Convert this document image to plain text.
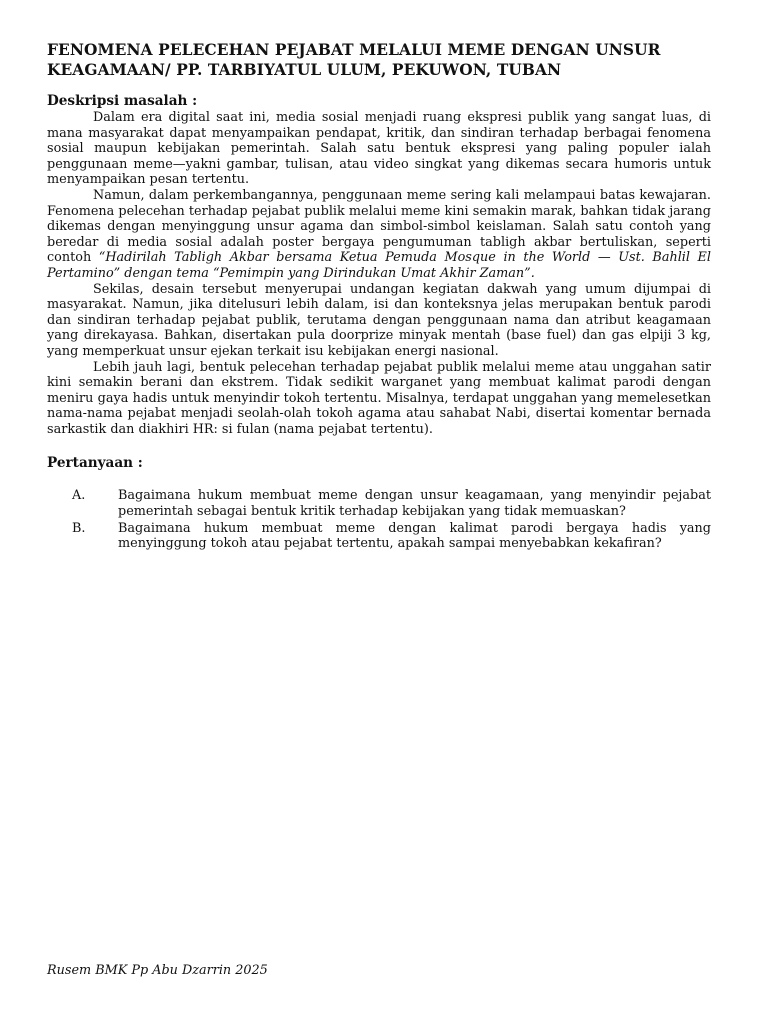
FENOMENA PELECEHAN PEJABAT MELALUI MEME DENGAN UNSUR KEAGAMAAN/ PP. TARBIYATUL ULUM, PEKUWON, TUBAN
Deskripsi masalah :

Dalam era digital saat ini, media sosial menjadi ruang ekspresi publik yang sangat luas, di mana masyarakat dapat menyampaikan pendapat, kritik, dan sindiran terhadap berbagai fenomena sosial maupun kebijakan pemerintah. Salah satu bentuk ekspresi yang paling populer ialah penggunaan meme—yakni gambar, tulisan, atau video singkat yang dikemas secara humoris untuk menyampaikan pesan tertentu.

Namun, dalam perkembangannya, penggunaan meme sering kali melampaui batas kewajaran. Fenomena pelecehan terhadap pejabat publik melalui meme kini semakin marak, bahkan tidak jarang dikemas dengan menyinggung unsur agama dan simbol-simbol keislaman. Salah satu contoh yang beredar di media sosial adalah poster bergaya pengumuman tabligh akbar bertuliskan, seperti contoh “Hadirilah Tabligh Akbar bersama Ketua Pemuda Mosque in the World — Ust. Bahlil El Pertamino” dengan tema “Pemimpin yang Dirindukan Umat Akhir Zaman”.

Sekilas, desain tersebut menyerupai undangan kegiatan dakwah yang umum dijumpai di masyarakat. Namun, jika ditelusuri lebih dalam, isi dan konteksnya jelas merupakan bentuk parodi dan sindiran terhadap pejabat publik, terutama dengan penggunaan nama dan atribut keagamaan yang direkayasa. Bahkan, disertakan pula doorprize minyak mentah (base fuel) dan gas elpiji 3 kg, yang memperkuat unsur ejekan terkait isu kebijakan energi nasional.

Lebih jauh lagi, bentuk pelecehan terhadap pejabat publik melalui meme atau unggahan satir kini semakin berani dan ekstrem. Tidak sedikit warganet yang membuat kalimat parodi dengan meniru gaya hadis untuk menyindir tokoh tertentu. Misalnya, terdapat unggahan yang memelesetkan nama-nama pejabat menjadi seolah-olah tokoh agama atau sahabat Nabi, disertai komentar bernada sarkastik dan diakhiri HR: si fulan (nama pejabat tertentu).

Pertanyaan :
A.	Bagaimana hukum membuat meme dengan unsur keagamaan, yang menyindir pejabat pemerintah sebagai bentuk kritik terhadap kebijakan yang tidak memuaskan?
B.	Bagaimana hukum membuat meme dengan kalimat parodi bergaya hadis yang menyinggung tokoh atau pejabat tertentu, apakah sampai menyebabkan kekafiran?
Rusem BMK Pp Abu Dzarrin 2025
